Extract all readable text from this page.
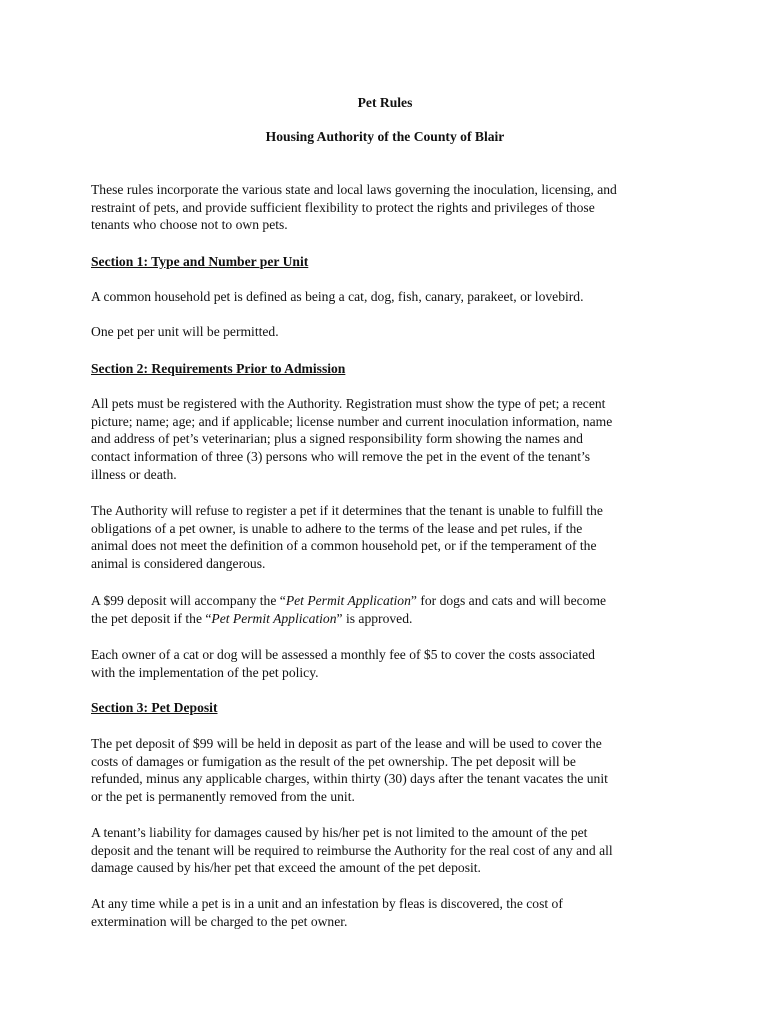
Pet Rules
Housing Authority of the County of Blair
These rules incorporate the various state and local laws governing the inoculation, licensing, and
restraint of pets, and provide sufficient flexibility to protect the rights and privileges of those
tenants who choose not to own pets.
Section 1: Type and Number per Unit
A common household pet is defined as being a cat, dog, fish, canary, parakeet, or lovebird.
One pet per unit will be permitted.
Section 2: Requirements Prior to Admission
All pets must be registered with the Authority. Registration must show the type of pet; a recent
picture; name; age; and if applicable; license number and current inoculation information, name
and address of pet’s veterinarian; plus a signed responsibility form showing the names and
contact information of three (3) persons who will remove the pet in the event of the tenant’s
illness or death.
The Authority will refuse to register a pet if it determines that the tenant is unable to fulfill the
obligations of a pet owner, is unable to adhere to the terms of the lease and pet rules, if the
animal does not meet the definition of a common household pet, or if the temperament of the
animal is considered dangerous.
A $99 deposit will accompany the “Pet Permit Application” for dogs and cats and will become
the pet deposit if the “Pet Permit Application” is approved.
Each owner of a cat or dog will be assessed a monthly fee of $5 to cover the costs associated
with the implementation of the pet policy.
Section 3: Pet Deposit
The pet deposit of $99 will be held in deposit as part of the lease and will be used to cover the
costs of damages or fumigation as the result of the pet ownership. The pet deposit will be
refunded, minus any applicable charges, within thirty (30) days after the tenant vacates the unit
or the pet is permanently removed from the unit.
A tenant’s liability for damages caused by his/her pet is not limited to the amount of the pet
deposit and the tenant will be required to reimburse the Authority for the real cost of any and all
damage caused by his/her pet that exceed the amount of the pet deposit.
At any time while a pet is in a unit and an infestation by fleas is discovered, the cost of
extermination will be charged to the pet owner.
